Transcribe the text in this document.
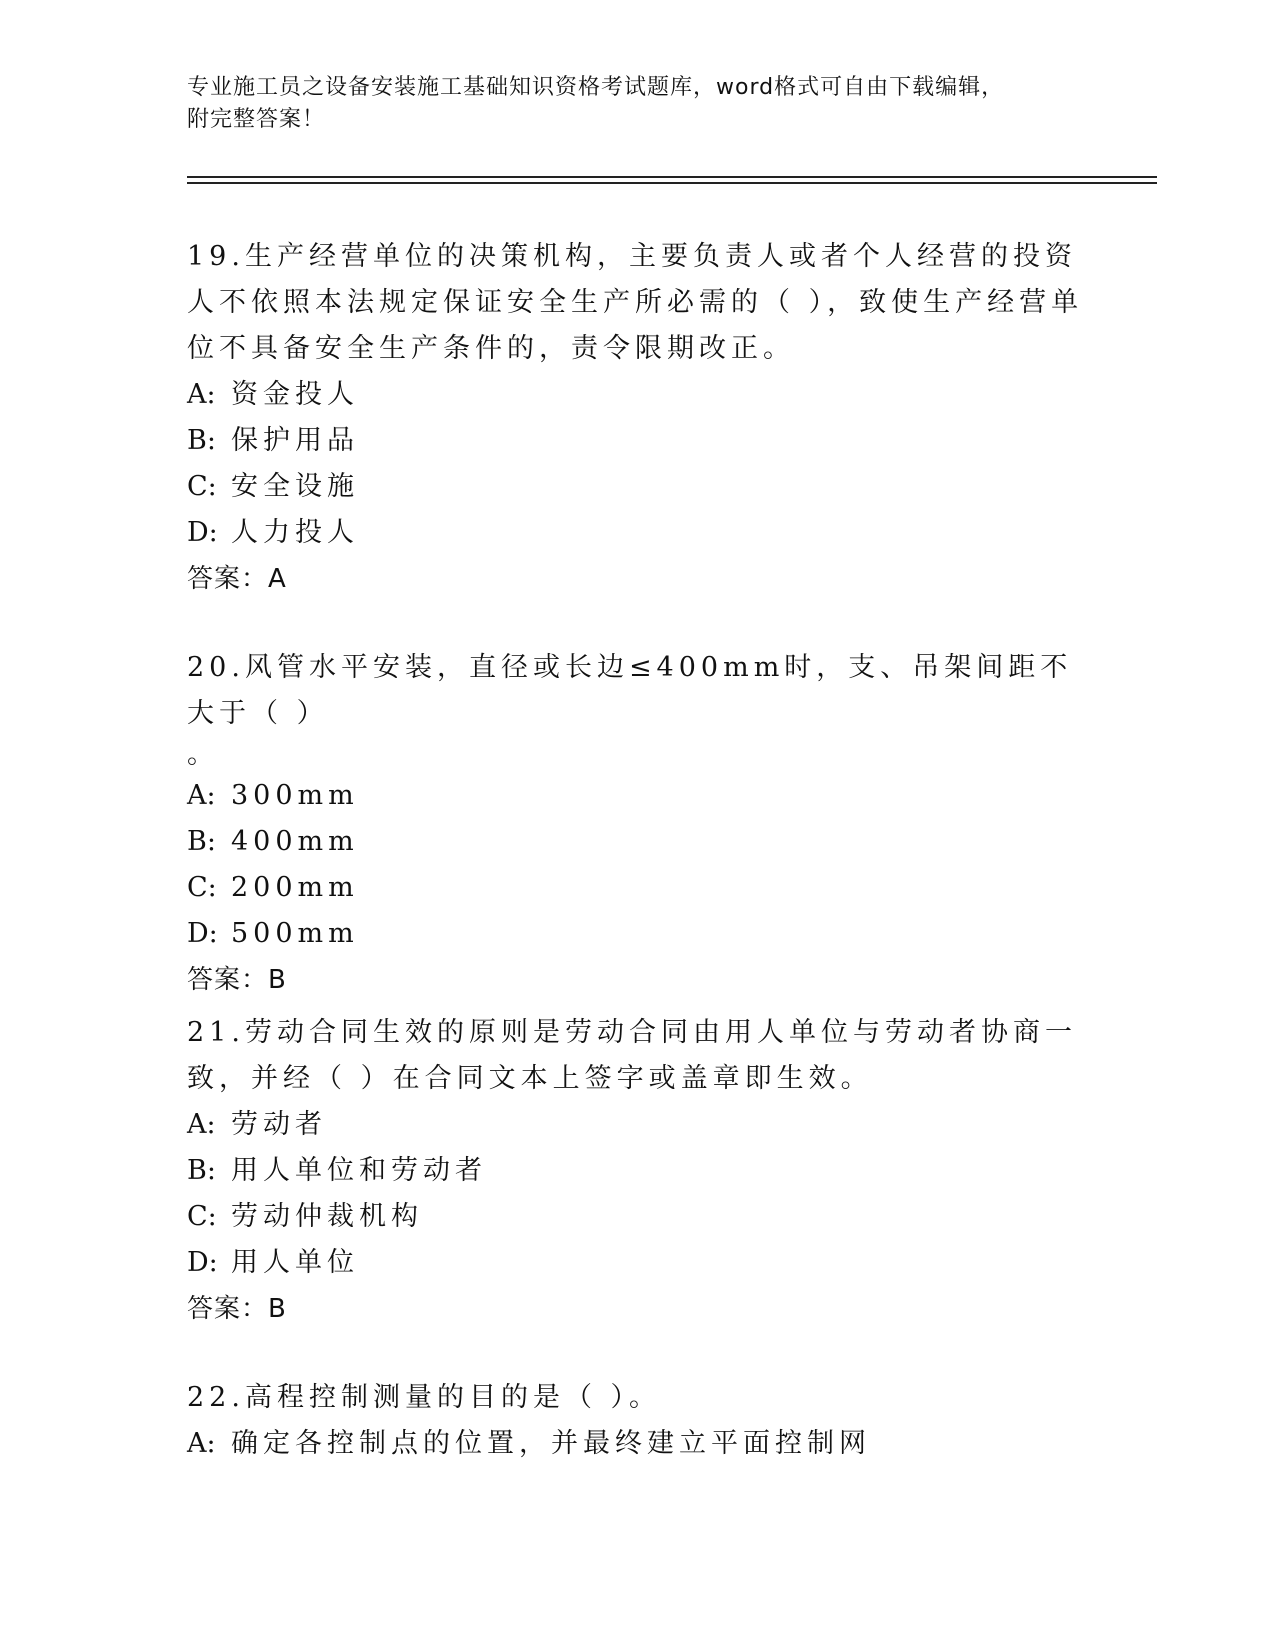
专业施工员之设备安装施工基础知识资格考试题库，word格式可自由下载编辑，
附完整答案！

19.生产经营单位的决策机构，主要负责人或者个人经营的投资人不依照本法规定保证安全生产所必需的（ ），致使生产经营单位不具备安全生产条件的，责令限期改正。

A: 资金投人

B: 保护用品

C: 安全设施

D: 人力投人

答案：A

20.风管水平安装，直径或长边≤400mm时，支、吊架间距不大于（ ）
。

A: 300mm

B: 400mm

C: 200mm

D: 500mm

答案：B

21.劳动合同生效的原则是劳动合同由用人单位与劳动者协商一致，并经（ ）在合同文本上签字或盖章即生效。

A: 劳动者

B: 用人单位和劳动者

C: 劳动仲裁机构

D: 用人单位

答案：B

22.高程控制测量的目的是（ ）。

A: 确定各控制点的位置，并最终建立平面控制网
